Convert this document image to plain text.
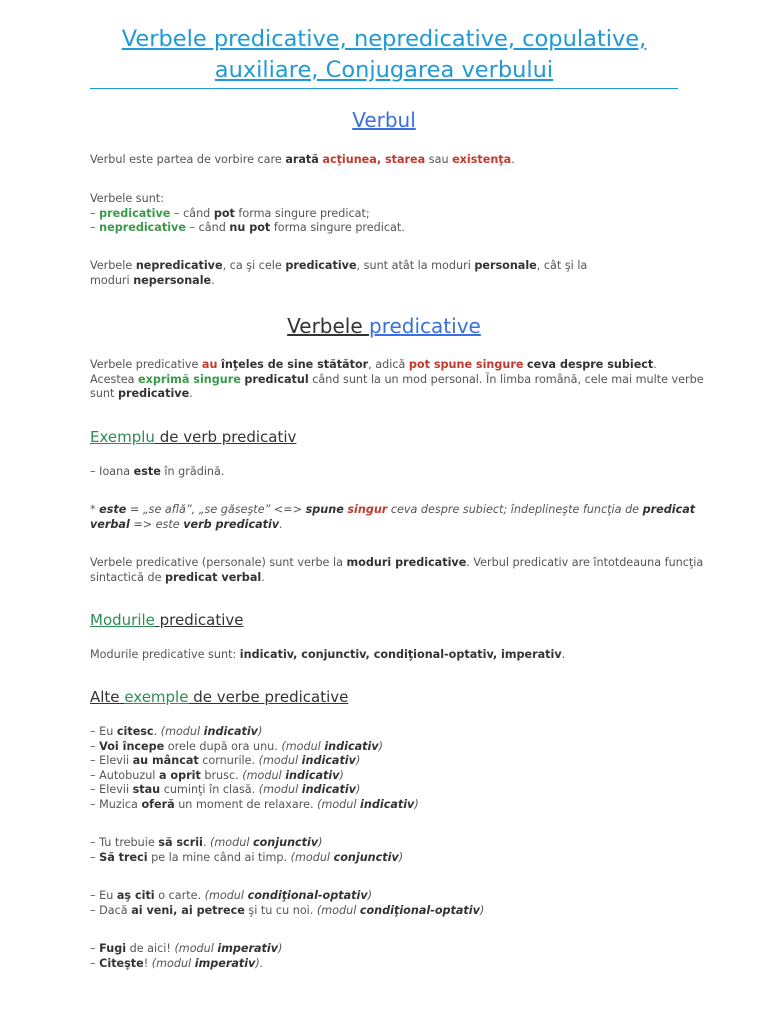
Verbele predicative, nepredicative, copulative,
auxiliare, Conjugarea verbului
Verbul
Verbul este partea de vorbire care arată acţiunea, starea sau existenţa.
Verbele sunt:
– predicative – când pot forma singure predicat;
– nepredicative – când nu pot forma singure predicat.
Verbele nepredicative, ca şi cele predicative, sunt atât la moduri personale, cât şi la
moduri nepersonale.
Verbele predicative
Verbele predicative au înţeles de sine stătător, adică pot spune singure ceva despre subiect.
Acestea exprimă singure predicatul când sunt la un mod personal. În limba română, cele mai multe verbe
sunt predicative.
Exemplu de verb predicativ
– Ioana este în grădină.
* este = „se află”, „se găseşte” <=> spune singur ceva despre subiect; îndeplineşte funcţia de predicat
verbal => este verb predicativ.
Verbele predicative (personale) sunt verbe la moduri predicative. Verbul predicativ are întotdeauna funcţia
sintactică de predicat verbal.
Modurile predicative
Modurile predicative sunt: indicativ, conjunctiv, condiţional-optativ, imperativ.
Alte exemple de verbe predicative
– Eu citesc. (modul indicativ)
– Voi începe orele după ora unu. (modul indicativ)
– Elevii au mâncat cornurile. (modul indicativ)
– Autobuzul a oprit brusc. (modul indicativ)
– Elevii stau cuminţi în clasă. (modul indicativ)
– Muzica oferă un moment de relaxare. (modul indicativ)
– Tu trebuie să scrii. (modul conjunctiv)
– Să treci pe la mine când ai timp. (modul conjunctiv)
– Eu aş citi o carte. (modul condiţional-optativ)
– Dacă ai veni, ai petrece şi tu cu noi. (modul condiţional-optativ)
– Fugi de aici! (modul imperativ)
– Citeşte! (modul imperativ).
